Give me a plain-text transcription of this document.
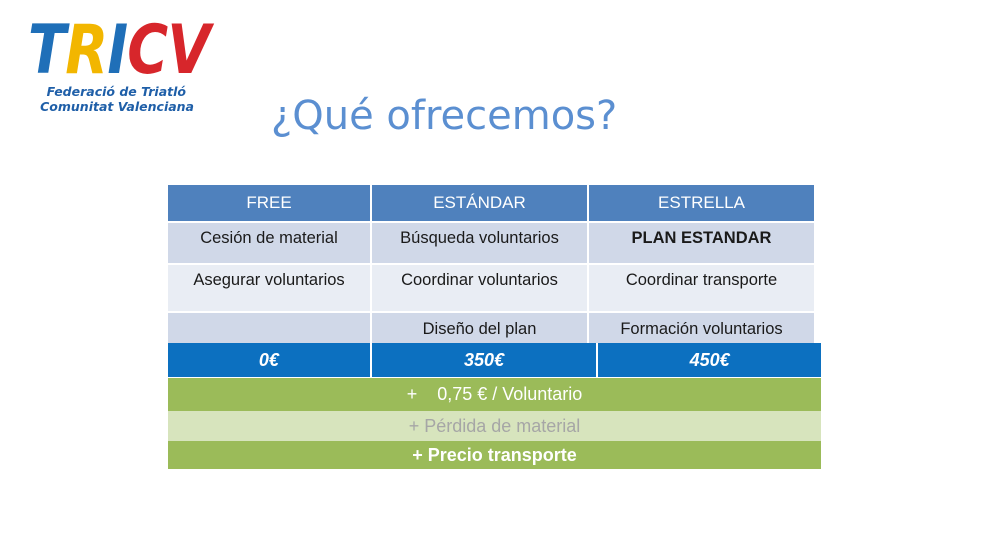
TRICV
Federació de Triatló
Comunitat Valenciana ¿Qué ofrecemos?
FREE	ESTÁNDAR	ESTRELLA
Cesión de material	Búsqueda voluntarios	PLAN ESTANDAR
Asegurar voluntarios	Coordinar voluntarios	Coordinar transporte
	Diseño del plan	Formación voluntarios
0€	350€	450€
+    0,75 € / Voluntario
+ Pérdida de material
+ Precio transporte
